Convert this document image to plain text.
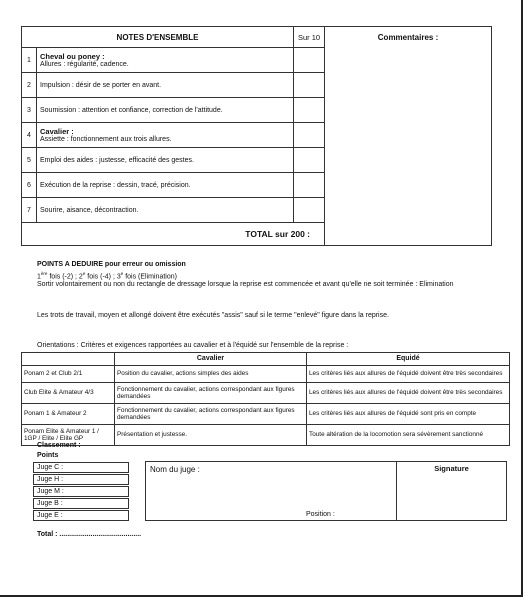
NOTES D'ENSEMBLE		Sur 10	Commentaires :
1	Cheval ou poney :
Allures : régularité, cadence.		

2	Impulsion : désir de se porter en avant.		

3	Soumission : attention et confiance, correction de l'attitude.		

4	Cavalier :
Assiette : fonctionnement aux trois allures.		

5	Emploi des aides : justesse, efficacité des gestes.		

6	Exécution de la reprise : dessin, tracé, précision.		

7	Sourire, aisance, décontraction.		

TOTAL sur 200 :			
POINTS A DEDUIRE pour erreur ou omission
1ère fois (-2) ; 2e fois (-4) ; 3e fois (Elimination)
Sortir volontairement ou non du rectangle de dressage lorsque la reprise est commencée et avant qu'elle ne soit terminée : Elimination
Les trots de travail, moyen et allongé doivent être exécutés "assis" sauf si le terme "enlevé" figure dans la reprise.
Orientations : Critères et exigences rapportées au cavalier et à l'équidé sur l'ensemble de la reprise :
	Cavalier	Equidé
Ponam 2 et Club 2/1	Position du cavalier, actions simples des aides	Les critères liés aux allures de l'équidé doivent être très secondaires
Club Elite & Amateur 4/3	Fonctionnement du cavalier, actions correspondant aux figures demandées	Les critères liés aux allures de l'équidé doivent être très secondaires
Ponam 1 & Amateur 2	Fonctionnement du cavalier, actions correspondant aux figures demandées	Les critères liés aux allures de l'équidé sont pris en compte
Ponam Elite & Amateur 1 / 1GP / Elite / Elite GP	Présentation et justesse.	Toute altération de la locomotion sera sévèrement sanctionné
Classement :
Points
Juge C :
Juge H :
Juge M :
Juge B :
Juge E :
Nom du juge :
Position :
Signature
Total : ..........................................
